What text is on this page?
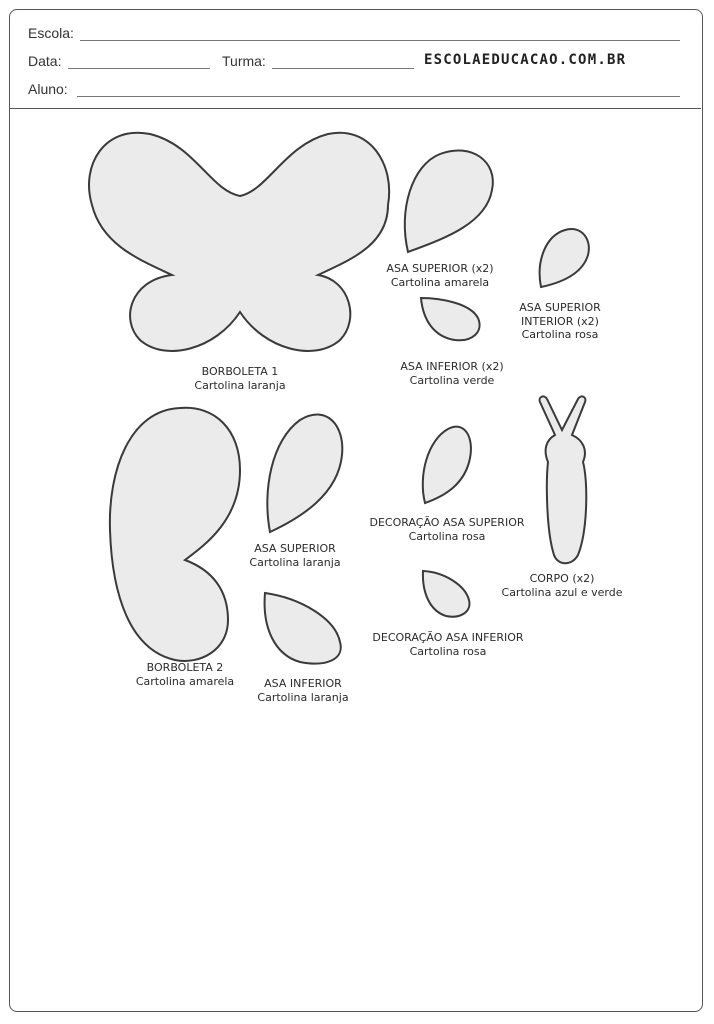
Escola:
Data:	Turma:	ESCOLAEDUCACAO.COM.BR
Aluno:
BORBOLETA 1
Cartolina laranja
ASA SUPERIOR (x2)
Cartolina amarela
ASA SUPERIOR
INTERIOR (x2)
Cartolina rosa
ASA INFERIOR (x2)
Cartolina verde
BORBOLETA 2
Cartolina amarela
ASA SUPERIOR
Cartolina laranja
ASA INFERIOR
Cartolina laranja
DECORAÇÃO ASA SUPERIOR
Cartolina rosa
DECORAÇÃO ASA INFERIOR
Cartolina rosa
CORPO (x2)
Cartolina azul e verde
